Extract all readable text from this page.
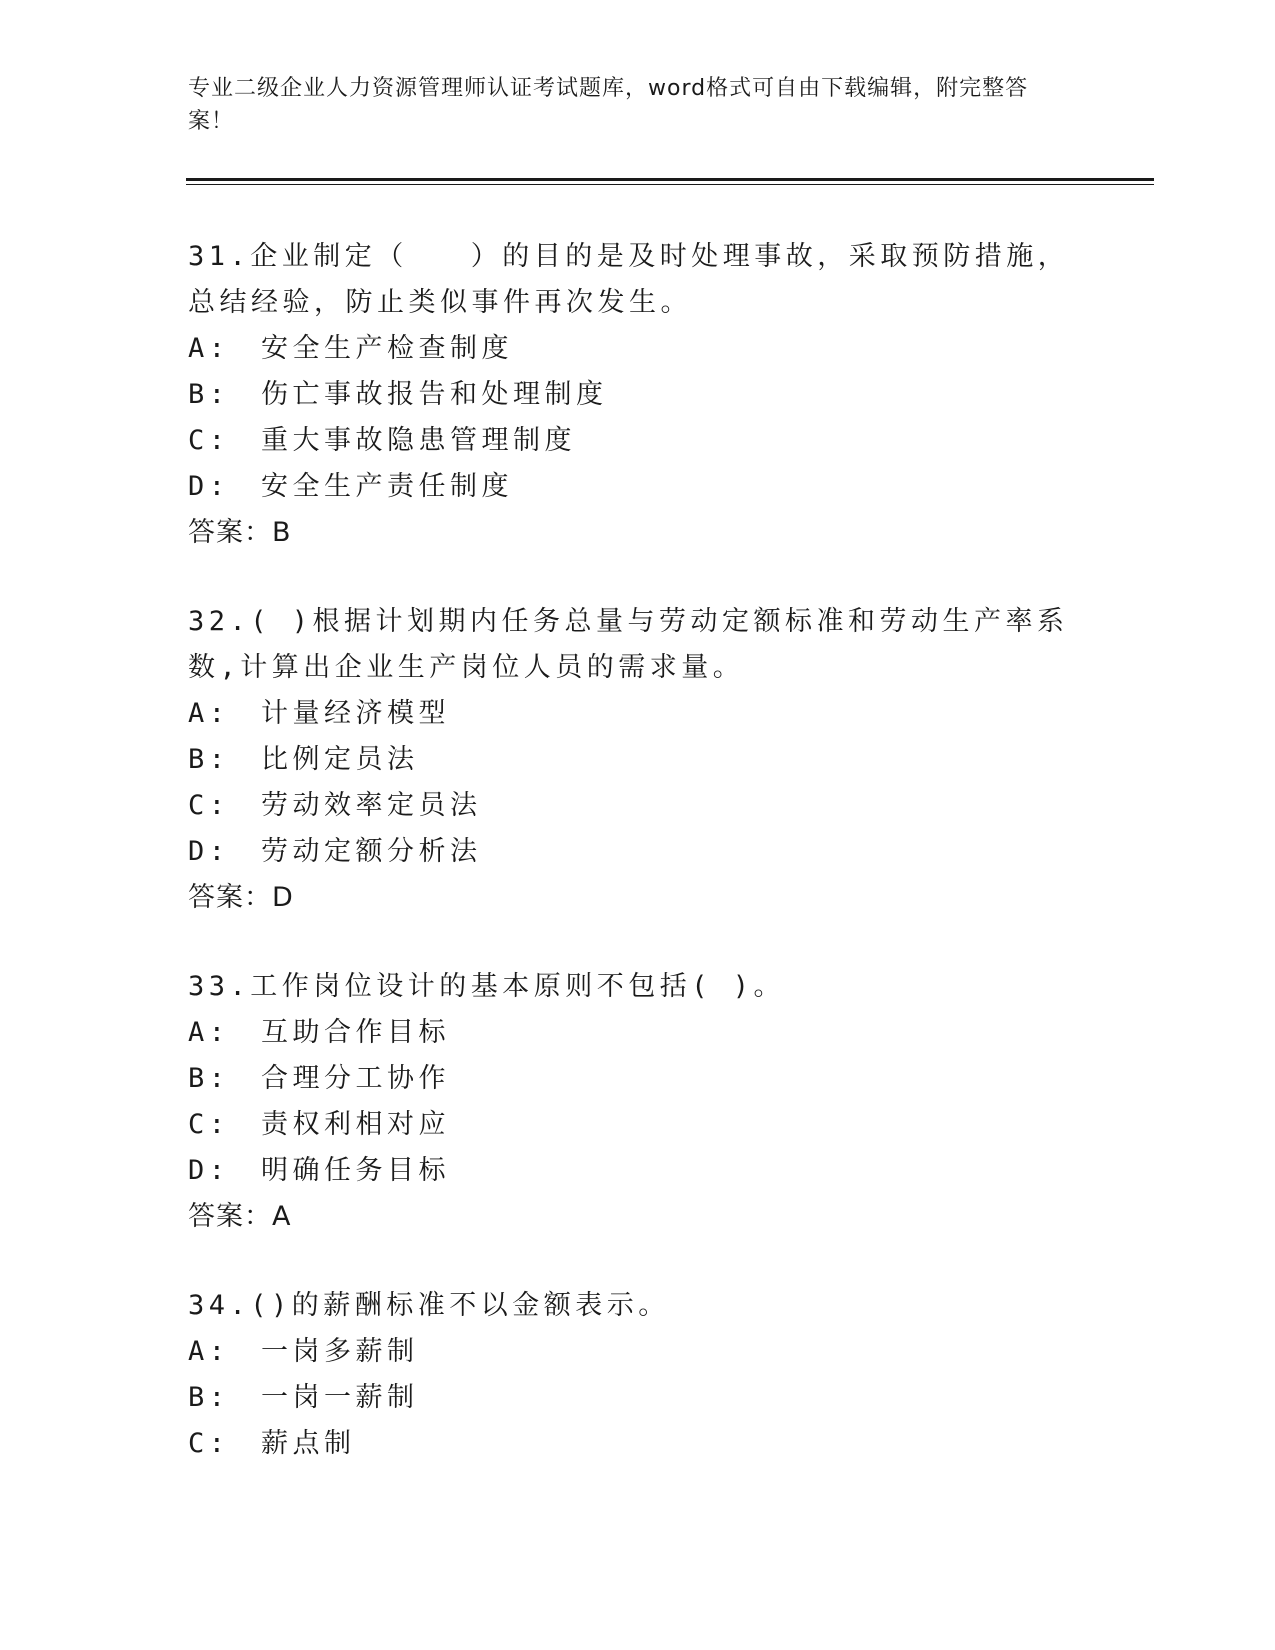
专业二级企业人力资源管理师认证考试题库，word格式可自由下载编辑，附完整答案！

31.企业制定（　　）的目的是及时处理事故，采取预防措施，总结经验，防止类似事件再次发生。

A:　安全生产检查制度

B:　伤亡事故报告和处理制度

C:　重大事故隐患管理制度

D:　安全生产责任制度

答案：B

32.( )根据计划期内任务总量与劳动定额标准和劳动生产率系数,计算出企业生产岗位人员的需求量。

A:　计量经济模型

B:　比例定员法

C:　劳动效率定员法

D:　劳动定额分析法

答案：D

33.工作岗位设计的基本原则不包括( )。

A:　互助合作目标

B:　合理分工协作

C:　责权利相对应

D:　明确任务目标

答案：A

34.()的薪酬标准不以金额表示。

A:　一岗多薪制

B:　一岗一薪制

C:　薪点制
